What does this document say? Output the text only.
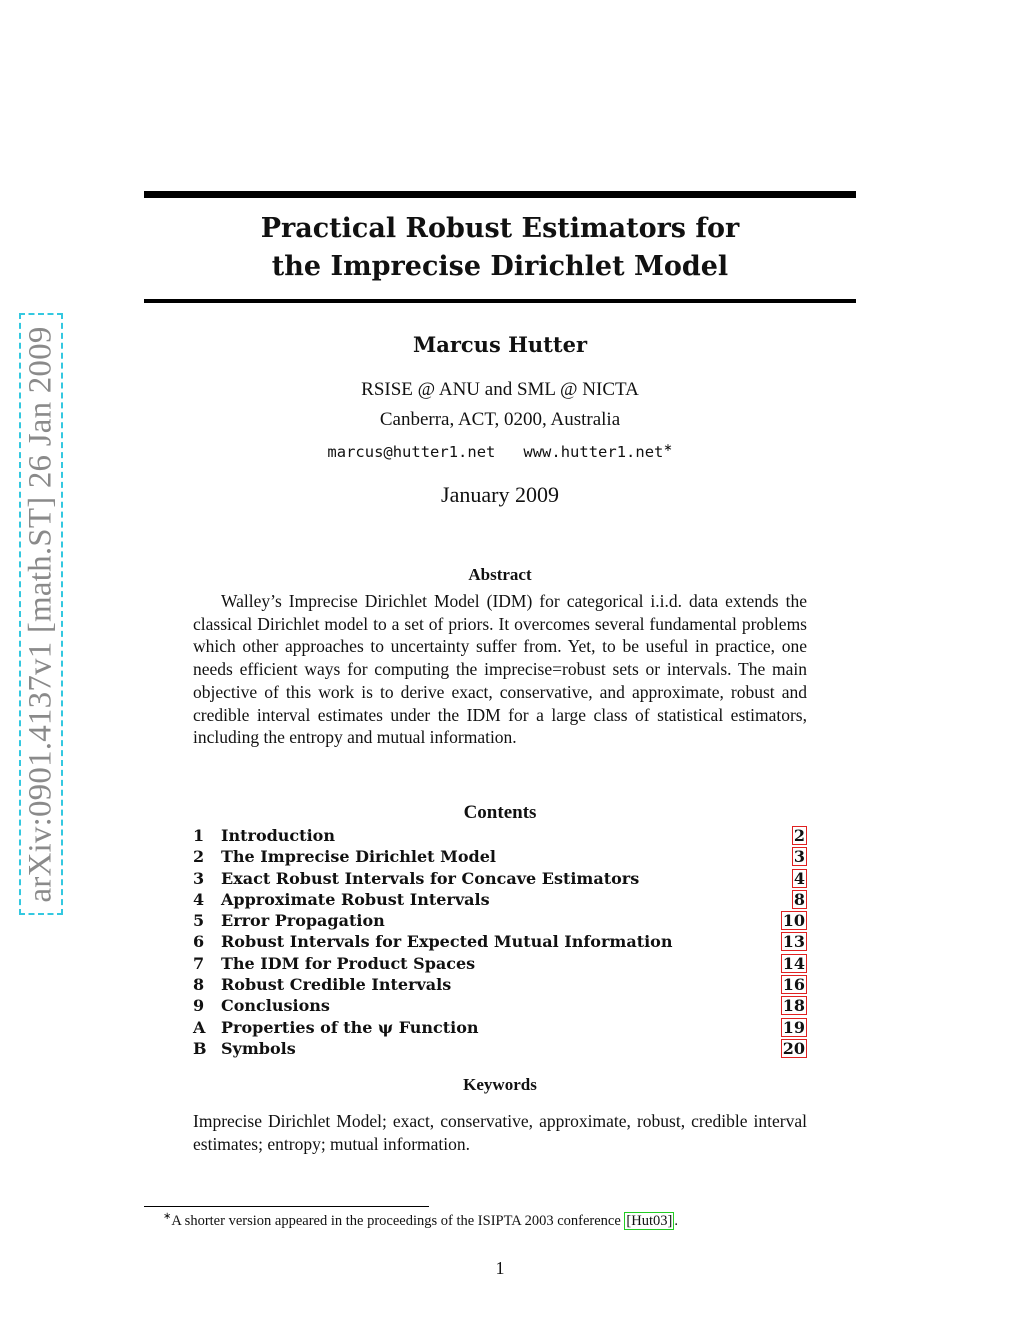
arXiv:0901.4137v1 [math.ST] 26 Jan 2009
Practical Robust Estimators for
the Imprecise Dirichlet Model
Marcus Hutter
RSISE @ ANU and SML @ NICTA
Canberra, ACT, 0200, Australia
marcus@hutter1.net www.hutter1.net∗
January 2009
Abstract

Walley’s Imprecise Dirichlet Model (IDM) for categorical i.i.d. data extends the classical Dirichlet model to a set of priors. It overcomes several fundamental problems which other approaches to uncertainty suffer from. Yet, to be useful in practice, one needs efficient ways for computing the imprecise=robust sets or intervals. The main objective of this work is to derive exact, conservative, and approximate, robust and credible interval estimates under the IDM for a large class of statistical estimators, including the entropy and mutual information.

Contents
1	Introduction	2
2	The Imprecise Dirichlet Model	3
3	Exact Robust Intervals for Concave Estimators	4
4	Approximate Robust Intervals	8
5	Error Propagation	10
6	Robust Intervals for Expected Mutual Information	13
7	The IDM for Product Spaces	14
8	Robust Credible Intervals	16
9	Conclusions	18
A Properties of the ψ Function	19
B Symbols	20
Keywords

Imprecise Dirichlet Model; exact, conservative, approximate, robust, credible interval estimates; entropy; mutual information.

∗A shorter version appeared in the proceedings of the ISIPTA 2003 conference [Hut03] .
1
